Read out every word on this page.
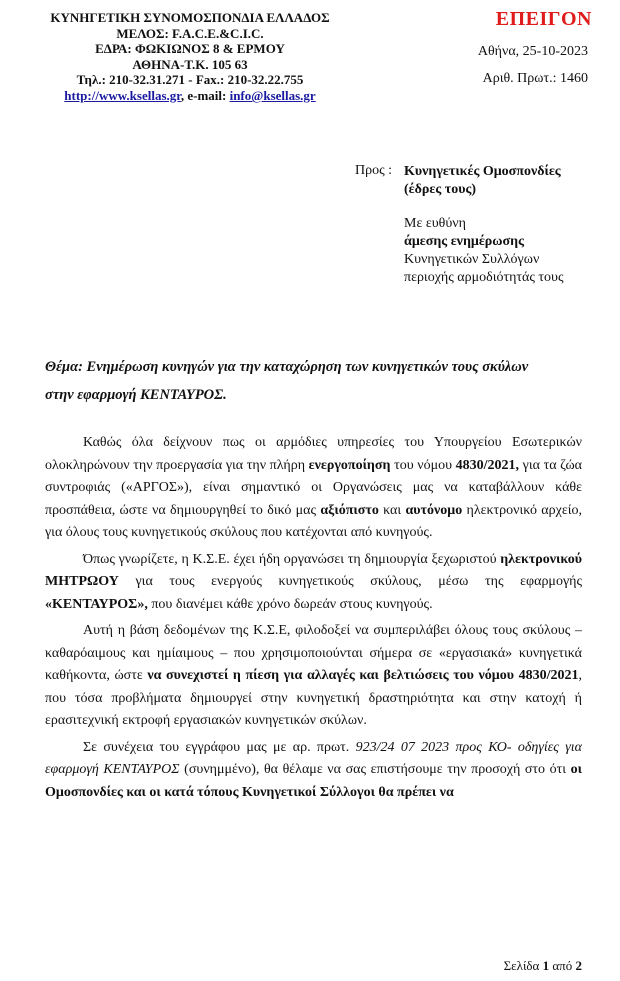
ΚΥΝΗΓΕΤΙΚΗ ΣΥΝΟΜΟΣΠΟΝΔΙΑ ΕΛΛΑΔΟΣ
ΜΕΛΟΣ: F.A.C.E.&C.I.C.
ΕΔΡΑ: ΦΩΚΙΩΝΟΣ 8 & ΕΡΜΟΥ
ΑΘΗΝΑ-Τ.Κ. 105 63
Τηλ.: 210-32.31.271 - Fax.: 210-32.22.755
http://www.ksellas.gr, e-mail: info@ksellas.gr
ΕΠΕΙΓΟΝ
Αθήνα, 25-10-2023
Αριθ. Πρωτ.: 1460
Προς : Κυνηγετικές Ομοσπονδίες
(έδρες τους)
Με ευθύνη
άμεσης ενημέρωσης
Κυνηγετικών Συλλόγων
περιοχής αρμοδιότητάς τους
Θέμα: Ενημέρωση κυνηγών για την καταχώρηση των κυνηγετικών τους σκύλων
στην εφαρμογή ΚΕΝΤΑΥΡΟΣ.

Καθώς όλα δείχνουν πως οι αρμόδιες υπηρεσίες του Υπουργείου Εσωτερικών ολοκληρώνουν την προεργασία για την πλήρη ενεργοποίηση του νόμου 4830/2021, για τα ζώα συντροφιάς («ΑΡΓΟΣ»), είναι σημαντικό οι Οργανώσεις μας να καταβάλλουν κάθε προσπάθεια, ώστε να δημιουργηθεί το δικό μας αξιόπιστο και αυτόνομο ηλεκτρονικό αρχείο, για όλους τους κυνηγετικούς σκύλους που κατέχονται από κυνηγούς.

Όπως γνωρίζετε, η Κ.Σ.Ε. έχει ήδη οργανώσει τη δημιουργία ξεχωριστού ηλεκτρονικού ΜΗΤΡΩΟΥ για τους ενεργούς κυνηγετικούς σκύλους, μέσω της εφαρμογής «ΚΕΝΤΑΥΡΟΣ», που διανέμει κάθε χρόνο δωρεάν στους κυνηγούς.

Αυτή η βάση δεδομένων της Κ.Σ.Ε, φιλοδοξεί να συμπεριλάβει όλους τους σκύλους – καθαρόαιμους και ημίαιμους – που χρησιμοποιούνται σήμερα σε «εργασιακά» κυνηγετικά καθήκοντα, ώστε να συνεχιστεί η πίεση για αλλαγές και βελτιώσεις του νόμου 4830/2021, που τόσα προβλήματα δημιουργεί στην κυνηγετική δραστηριότητα και στην κατοχή ή ερασιτεχνική εκτροφή εργασιακών κυνηγετικών σκύλων.

Σε συνέχεια του εγγράφου μας με αρ. πρωτ. 923/24 07 2023 προς ΚΟ- οδηγίες για εφαρμογή ΚΕΝΤΑΥΡΟΣ (συνημμένο), θα θέλαμε να σας επιστήσουμε την προσοχή στο ότι οι Ομοσπονδίες και οι κατά τόπους Κυνηγετικοί Σύλλογοι θα πρέπει να

Σελίδα 1 από 2
